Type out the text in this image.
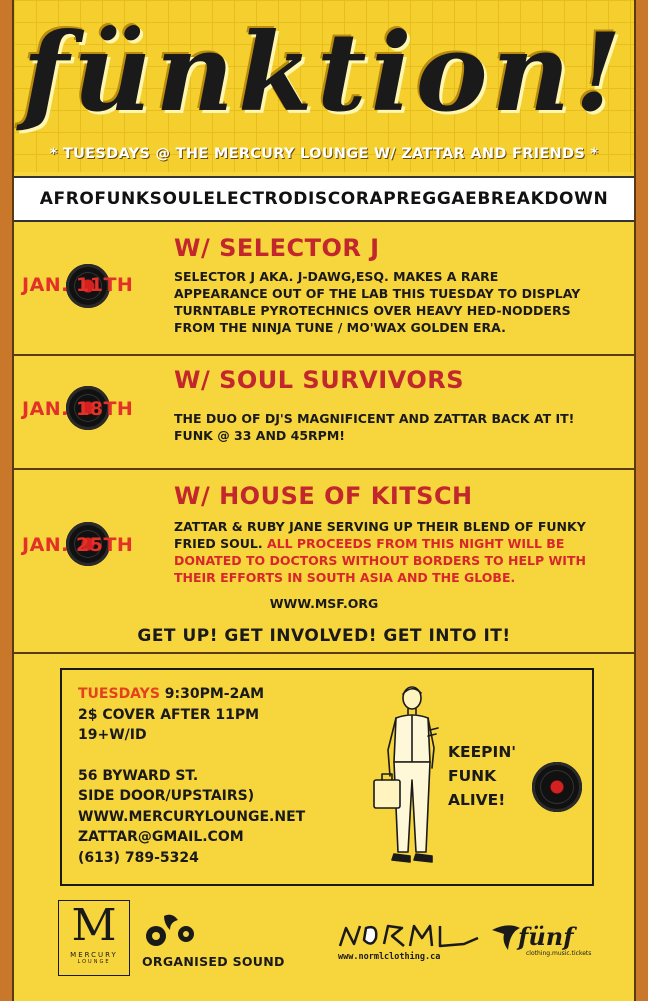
fünktion!
* TUESDAYS @ THE MERCURY LOUNGE W/ ZATTAR AND FRIENDS *
AFROFUNKSOULELECTRODISCORAPREGGAEBREAKDOWN
JAN. 11TH
W/ SELECTOR J
SELECTOR J AKA. J-DAWG,ESQ. MAKES A RARE APPEARANCE OUT OF THE LAB THIS TUESDAY TO DISPLAY TURNTABLE PYROTECHNICS OVER HEAVY HED-NODDERS FROM THE NINJA TUNE / MO'WAX GOLDEN ERA.
JAN. 18TH
W/ SOUL SURVIVORS
THE DUO OF DJ'S MAGNIFICENT AND ZATTAR BACK AT IT! FUNK @ 33 AND 45RPM!
JAN. 25TH
W/ HOUSE OF KITSCH
ZATTAR & RUBY JANE SERVING UP THEIR BLEND OF FUNKY FRIED SOUL. ALL PROCEEDS FROM THIS NIGHT WILL BE DONATED TO DOCTORS WITHOUT BORDERS TO HELP WITH THEIR EFFORTS IN SOUTH ASIA AND THE GLOBE.
WWW.MSF.ORG
GET UP! GET INVOLVED! GET INTO IT!
TUESDAYS 9:30PM-2AM
2$ COVER AFTER 11PM
19+W/ID
56 BYWARD ST.
SIDE DOOR/UPSTAIRS)
WWW.MERCURYLOUNGE.NET
ZATTAR@GMAIL.COM
(613) 789-5324
KEEPIN'
FUNK
ALIVE!
M
MERCURY
LOUNGE	ORGANISED SOUND	www.normlclothing.ca
fünf
clothing.music.tickets
